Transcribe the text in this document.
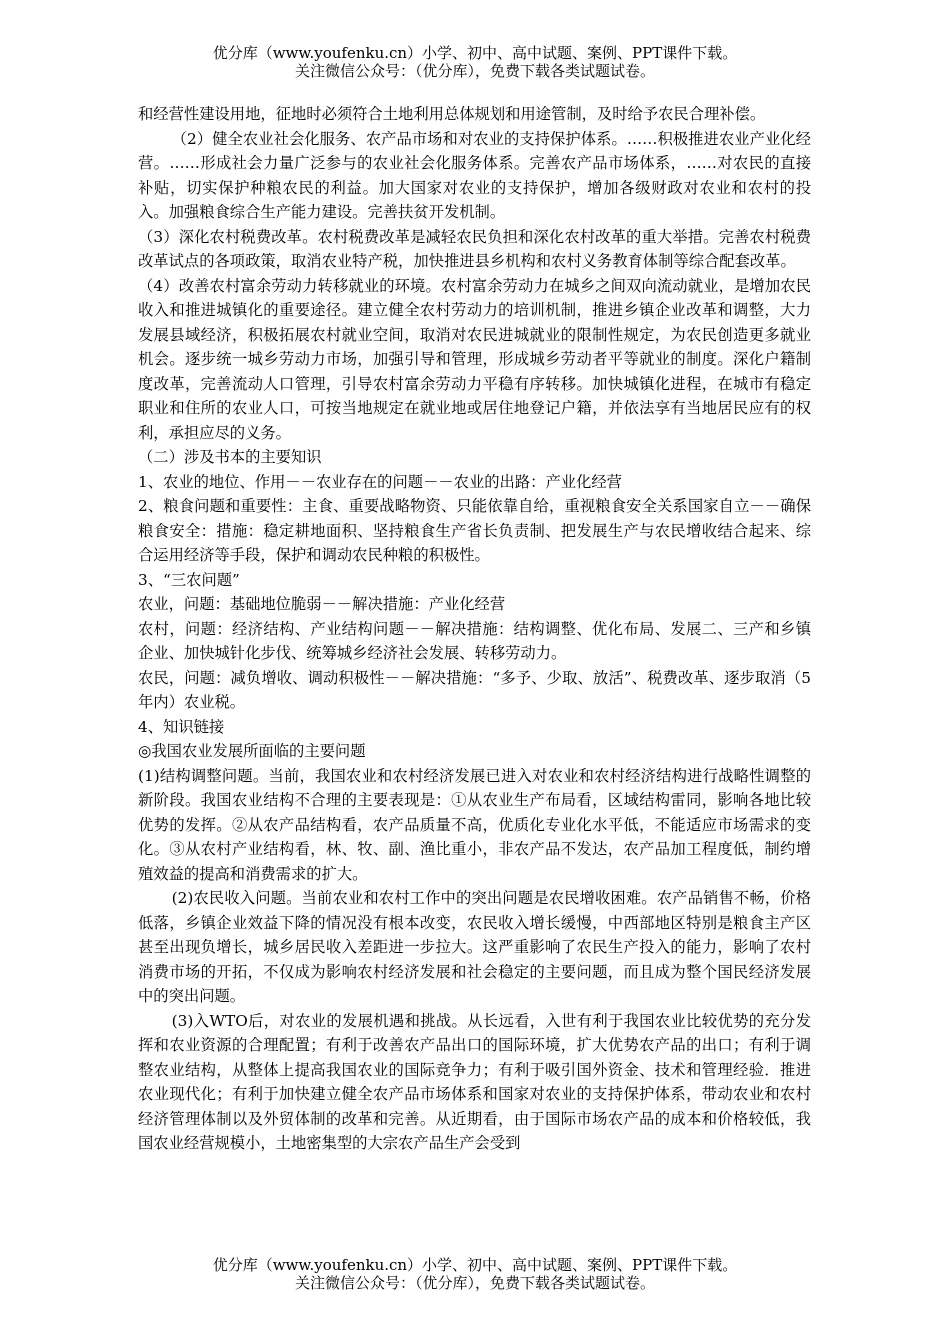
优分库（www.youfenku.cn）小学、初中、高中试题、案例、PPT课件下载。
关注微信公众号：（优分库），免费下载各类试题试卷。

和经营性建设用地，征地时必须符合土地利用总体规划和用途管制，及时给予农民合理补偿。

（2）健全农业社会化服务、农产品市场和对农业的支持保护体系。……积极推进农业产业化经营。……形成社会力量广泛参与的农业社会化服务体系。完善农产品市场体系，……对农民的直接补贴，切实保护种粮农民的利益。加大国家对农业的支持保护，增加各级财政对农业和农村的投入。加强粮食综合生产能力建设。完善扶贫开发机制。

（3）深化农村税费改革。农村税费改革是减轻农民负担和深化农村改革的重大举措。完善农村税费改革试点的各项政策，取消农业特产税，加快推进县乡机构和农村义务教育体制等综合配套改革。

（4）改善农村富余劳动力转移就业的环境。农村富余劳动力在城乡之间双向流动就业，是增加农民收入和推进城镇化的重要途径。建立健全农村劳动力的培训机制，推进乡镇企业改革和调整，大力发展县域经济，积极拓展农村就业空间，取消对农民进城就业的限制性规定，为农民创造更多就业机会。逐步统一城乡劳动力市场，加强引导和管理，形成城乡劳动者平等就业的制度。深化户籍制度改革，完善流动人口管理，引导农村富余劳动力平稳有序转移。加快城镇化进程，在城市有稳定职业和住所的农业人口，可按当地规定在就业地或居住地登记户籍，并依法享有当地居民应有的权利，承担应尽的义务。

（二）涉及书本的主要知识

1、农业的地位、作用－－农业存在的问题－－农业的出路：产业化经营

2、粮食问题和重要性：主食、重要战略物资、只能依靠自给，重视粮食安全关系国家自立－－确保粮食安全：措施：稳定耕地面积、坚持粮食生产省长负责制、把发展生产与农民增收结合起来、综合运用经济等手段，保护和调动农民种粮的积极性。

3、“三农问题”

农业，问题：基础地位脆弱－－解决措施：产业化经营

农村，问题：经济结构、产业结构问题－－解决措施：结构调整、优化布局、发展二、三产和乡镇企业、加快城针化步伐、统筹城乡经济社会发展、转移劳动力。

农民，问题：减负增收、调动积极性－－解决措施：“多予、少取、放活”、税费改革、逐步取消（5年内）农业税。

4、知识链接

◎我国农业发展所面临的主要问题

(1)结构调整问题。当前，我国农业和农村经济发展已进入对农业和农村经济结构进行战略性调整的新阶段。我国农业结构不合理的主要表现是：①从农业生产布局看，区域结构雷同，影响各地比较优势的发挥。②从农产品结构看，农产品质量不高，优质化专业化水平低，不能适应市场需求的变化。③从农村产业结构看，林、牧、副、渔比重小，非农产品不发达，农产品加工程度低，制约增殖效益的提高和消费需求的扩大。

(2)农民收入问题。当前农业和农村工作中的突出问题是农民增收困难。农产品销售不畅，价格低落，乡镇企业效益下降的情况没有根本改变，农民收入增长缓慢，中西部地区特别是粮食主产区甚至出现负增长，城乡居民收入差距进一步拉大。这严重影响了农民生产投入的能力，影响了农村消费市场的开拓，不仅成为影响农村经济发展和社会稳定的主要问题，而且成为整个国民经济发展中的突出问题。

(3)入WTO后，对农业的发展机遇和挑战。从长远看，入世有利于我国农业比较优势的充分发挥和农业资源的合理配置；有利于改善农产品出口的国际环境，扩大优势农产品的出口；有利于调整农业结构，从整体上提高我国农业的国际竞争力；有利于吸引国外资金、技术和管理经验．推进农业现代化；有利于加快建立健全农产品市场体系和国家对农业的支持保护体系，带动农业和农村经济管理体制以及外贸体制的改革和完善。从近期看，由于国际市场农产品的成本和价格较低，我国农业经营规模小，土地密集型的大宗农产品生产会受到

优分库（www.youfenku.cn）小学、初中、高中试题、案例、PPT课件下载。
关注微信公众号：（优分库），免费下载各类试题试卷。
